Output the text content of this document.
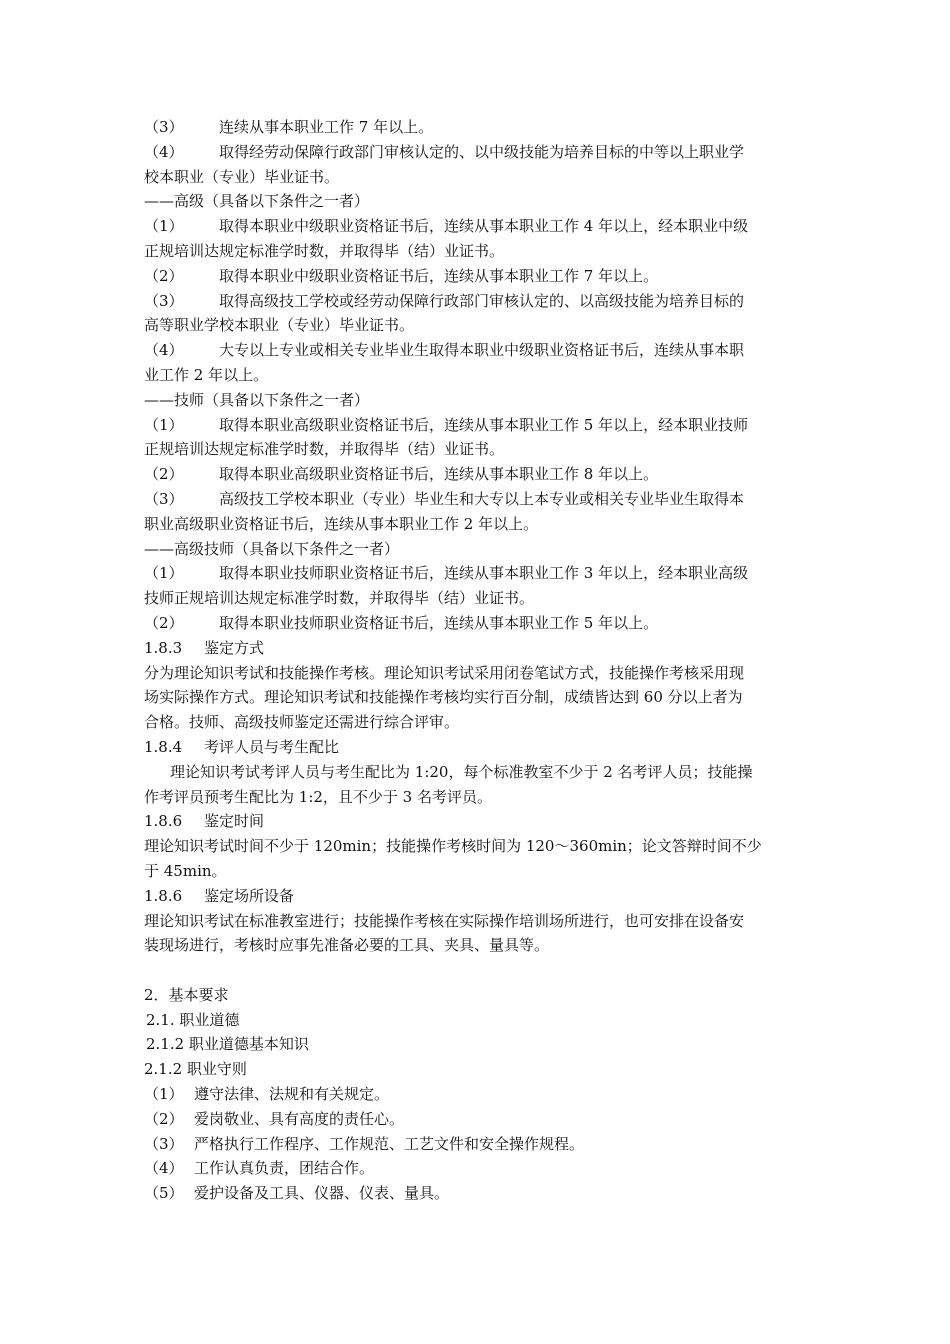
（3） 连续从事本职业工作 7 年以上。
（4） 取得经劳动保障行政部门审核认定的、以中级技能为培养目标的中等以上职业学
校本职业（专业）毕业证书。
——高级（具备以下条件之一者）
（1） 取得本职业中级职业资格证书后，连续从事本职业工作 4 年以上，经本职业中级
正规培训达规定标准学时数，并取得毕（结）业证书。
（2） 取得本职业中级职业资格证书后，连续从事本职业工作 7 年以上。
（3） 取得高级技工学校或经劳动保障行政部门审核认定的、以高级技能为培养目标的
高等职业学校本职业（专业）毕业证书。
（4） 大专以上专业或相关专业毕业生取得本职业中级职业资格证书后，连续从事本职
业工作 2 年以上。
——技师（具备以下条件之一者）
（1） 取得本职业高级职业资格证书后，连续从事本职业工作 5 年以上，经本职业技师
正规培训达规定标准学时数，并取得毕（结）业证书。
（2） 取得本职业高级职业资格证书后，连续从事本职业工作 8 年以上。
（3） 高级技工学校本职业（专业）毕业生和大专以上本专业或相关专业毕业生取得本
职业高级职业资格证书后，连续从事本职业工作 2 年以上。
——高级技师（具备以下条件之一者）
（1） 取得本职业技师职业资格证书后，连续从事本职业工作 3 年以上，经本职业高级
技师正规培训达规定标准学时数，并取得毕（结）业证书。
（2） 取得本职业技师职业资格证书后，连续从事本职业工作 5 年以上。
1.8.3 鉴定方式
分为理论知识考试和技能操作考核。理论知识考试采用闭卷笔试方式，技能操作考核采用现
场实际操作方式。理论知识考试和技能操作考核均实行百分制，成绩皆达到 60 分以上者为
合格。技师、高级技师鉴定还需进行综合评审。
1.8.4 考评人员与考生配比
理论知识考试考评人员与考生配比为 1:20，每个标准教室不少于 2 名考评人员；技能操
作考评员预考生配比为 1:2，且不少于 3 名考评员。
1.8.6 鉴定时间
理论知识考试时间不少于 120min；技能操作考核时间为 120～360min；论文答辩时间不少
于 45min。
1.8.6 鉴定场所设备
理论知识考试在标准教室进行；技能操作考核在实际操作培训场所进行，也可安排在设备安
装现场进行，考核时应事先准备必要的工具、夹具、量具等。
2．基本要求
2.1. 职业道德
2.1.2 职业道德基本知识
2.1.2 职业守则
（1） 遵守法律、法规和有关规定。
（2） 爱岗敬业、具有高度的责任心。
（3） 严格执行工作程序、工作规范、工艺文件和安全操作规程。
（4） 工作认真负责，团结合作。
（5） 爱护设备及工具、仪器、仪表、量具。
